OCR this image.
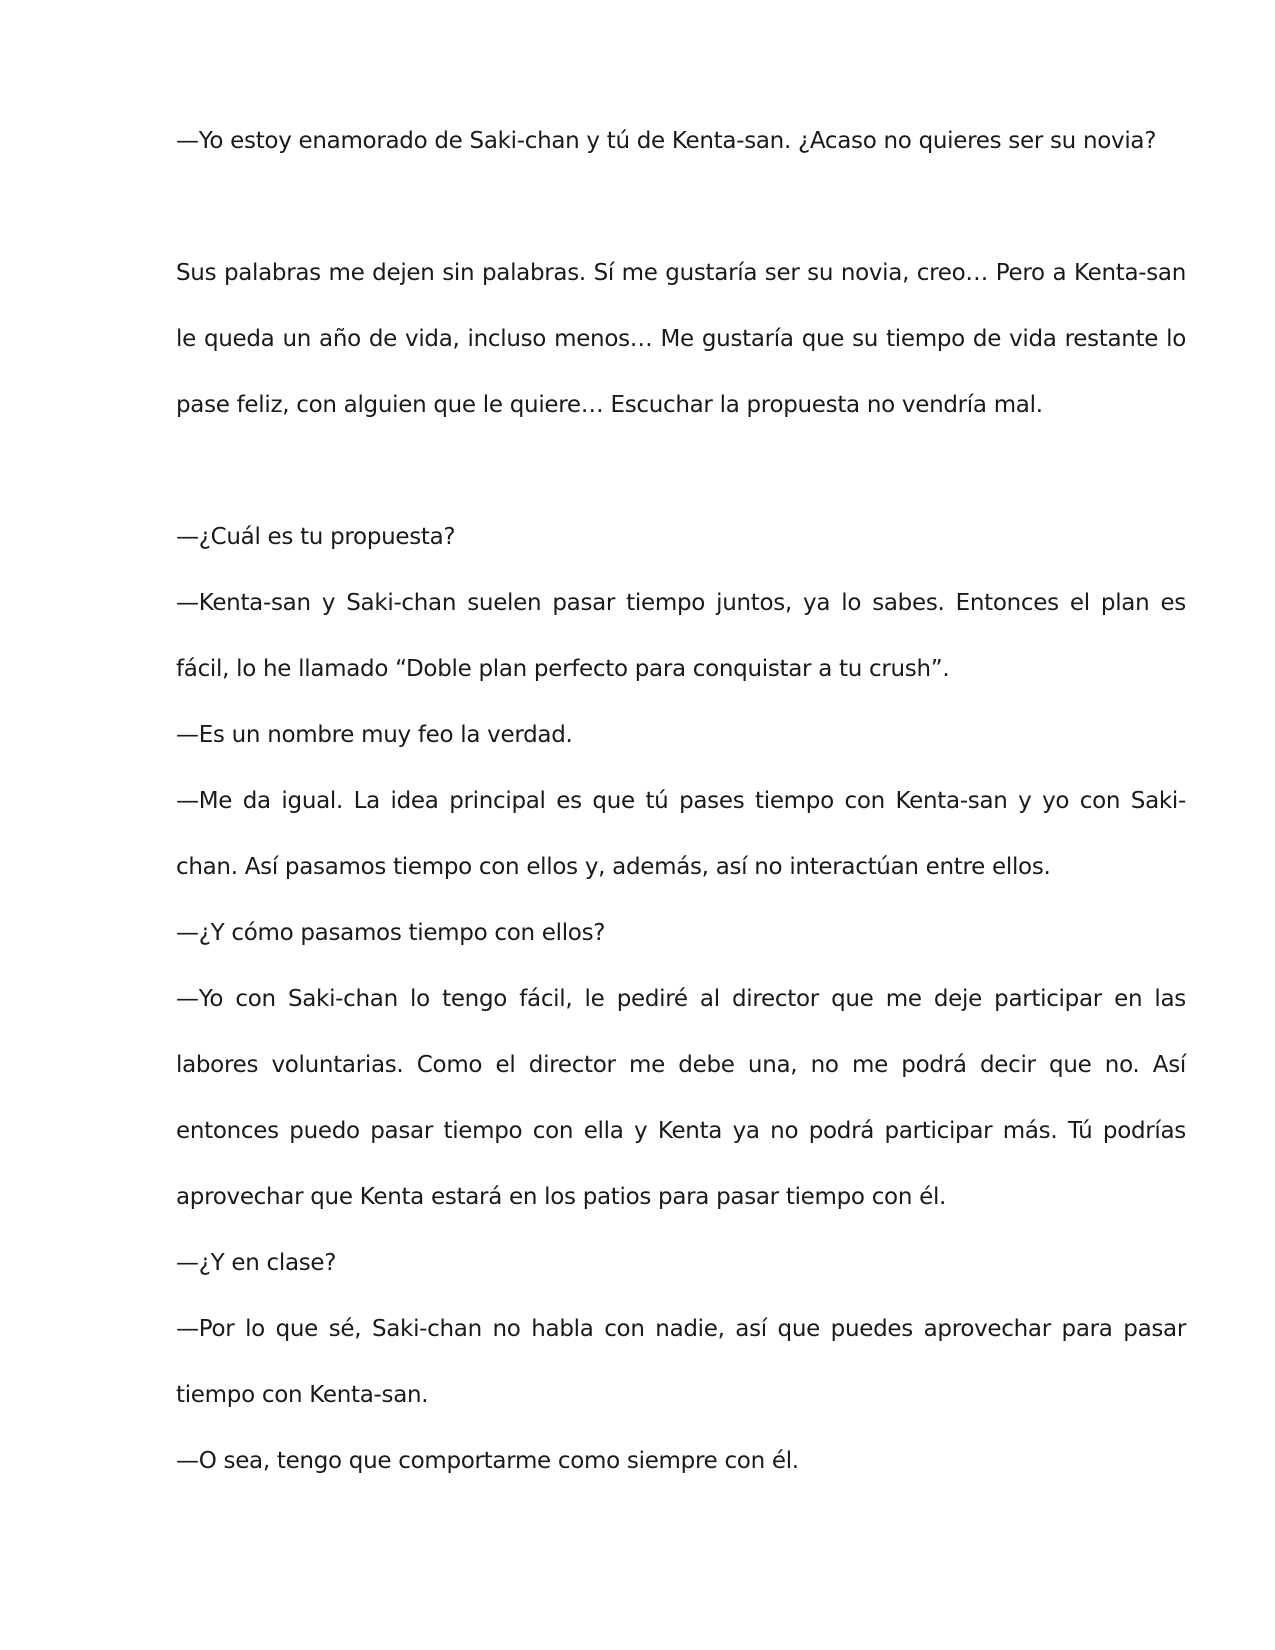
—Yo estoy enamorado de Saki-chan y tú de Kenta-san. ¿Acaso no quieres ser su novia?

Sus palabras me dejen sin palabras. Sí me gustaría ser su novia, creo… Pero a Kenta-san le queda un año de vida, incluso menos… Me gustaría que su tiempo de vida restante lo pase feliz, con alguien que le quiere… Escuchar la propuesta no vendría mal.

—¿Cuál es tu propuesta?

—Kenta-san y Saki-chan suelen pasar tiempo juntos, ya lo sabes. Entonces el plan es fácil, lo he llamado “Doble plan perfecto para conquistar a tu crush”.

—Es un nombre muy feo la verdad.

—Me da igual. La idea principal es que tú pases tiempo con Kenta-san y yo con Saki-chan. Así pasamos tiempo con ellos y, además, así no interactúan entre ellos.

—¿Y cómo pasamos tiempo con ellos?

—Yo con Saki-chan lo tengo fácil, le pediré al director que me deje participar en las labores voluntarias. Como el director me debe una, no me podrá decir que no. Así entonces puedo pasar tiempo con ella y Kenta ya no podrá participar más. Tú podrías aprovechar que Kenta estará en los patios para pasar tiempo con él.

—¿Y en clase?

—Por lo que sé, Saki-chan no habla con nadie, así que puedes aprovechar para pasar tiempo con Kenta-san.

—O sea, tengo que comportarme como siempre con él.
